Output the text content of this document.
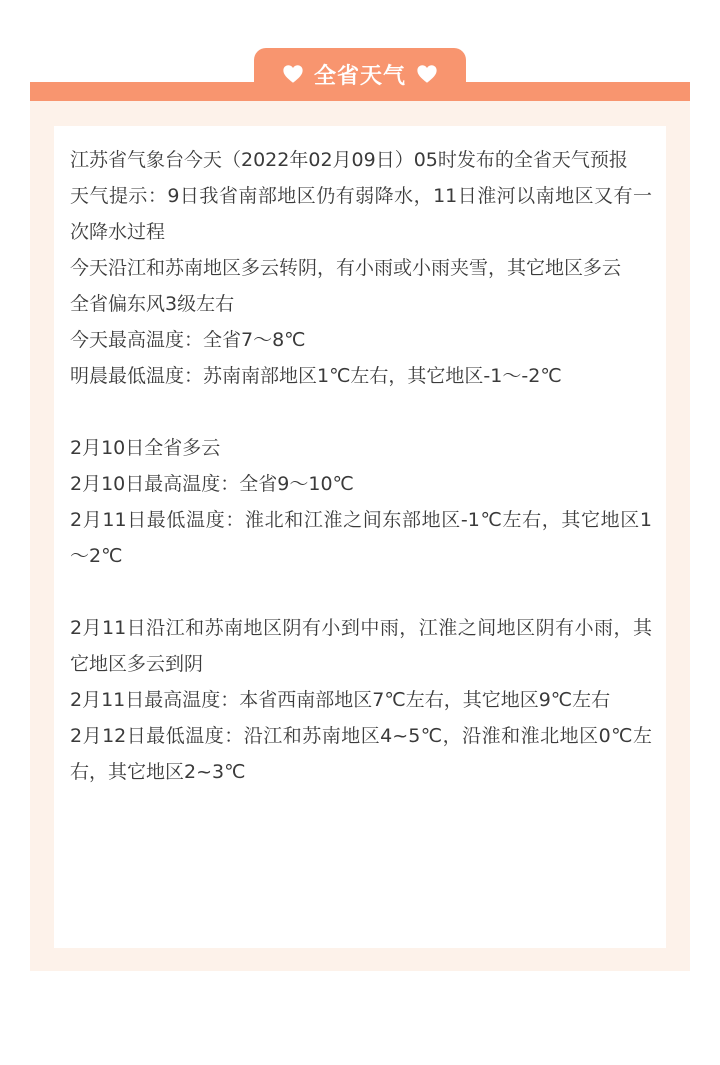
全省天气

江苏省气象台今天（2022年02月09日）05时发布的全省天气预报

天气提示：9日我省南部地区仍有弱降水，11日淮河以南地区又有一次降水过程

今天沿江和苏南地区多云转阴，有小雨或小雨夹雪，其它地区多云

全省偏东风3级左右

今天最高温度：全省7～8℃

明晨最低温度：苏南南部地区1℃左右，其它地区-1～-2℃

2月10日全省多云

2月10日最高温度：全省9～10℃

2月11日最低温度：淮北和江淮之间东部地区-1℃左右，其它地区1～2℃

2月11日沿江和苏南地区阴有小到中雨，江淮之间地区阴有小雨，其它地区多云到阴

2月11日最高温度：本省西南部地区7℃左右，其它地区9℃左右

2月12日最低温度：沿江和苏南地区4~5℃，沿淮和淮北地区0℃左右，其它地区2~3℃
